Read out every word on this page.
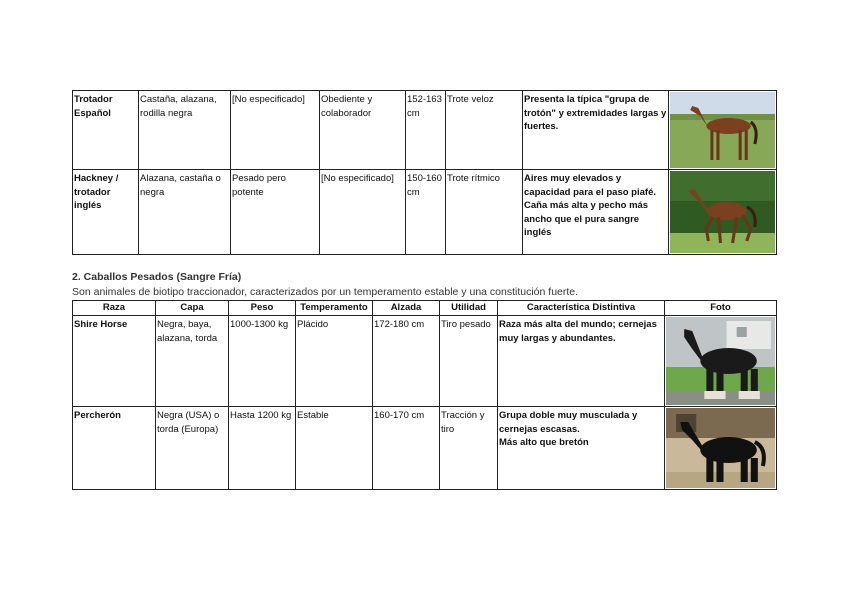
Trotador Español	Castaña, alazana, rodilla negra	[No especificado]	Obediente y colaborador	152-163 cm	Trote veloz	Presenta la típica "grupa de trotón" y extremidades largas y fuertes.	

Hackney / trotador inglés	Alazana, castaña o negra	Pesado pero potente	[No especificado]	150-160 cm	Trote rítmico	Aires muy elevados y capacidad para el paso piafé. Caña más alta y pecho más ancho que el pura sangre inglés	
2. Caballos Pesados (Sangre Fría)
Son animales de biotipo traccionador, caracterizados por un temperamento estable y una constitución fuerte.
Raza	Capa	Peso	Temperamento	Alzada	Utilidad	Característica Distintiva	Foto
Shire Horse	Negra, baya, alazana, torda	1000-1300 kg	Plácido	172-180 cm	Tiro pesado	Raza más alta del mundo; cernejas muy largas y abundantes.	

Percherón	Negra (USA) o torda (Europa)	Hasta 1200 kg	Estable	160-170 cm	Tracción y tiro	Grupa doble muy musculada y cernejas escasas.
Más alto que bretón
